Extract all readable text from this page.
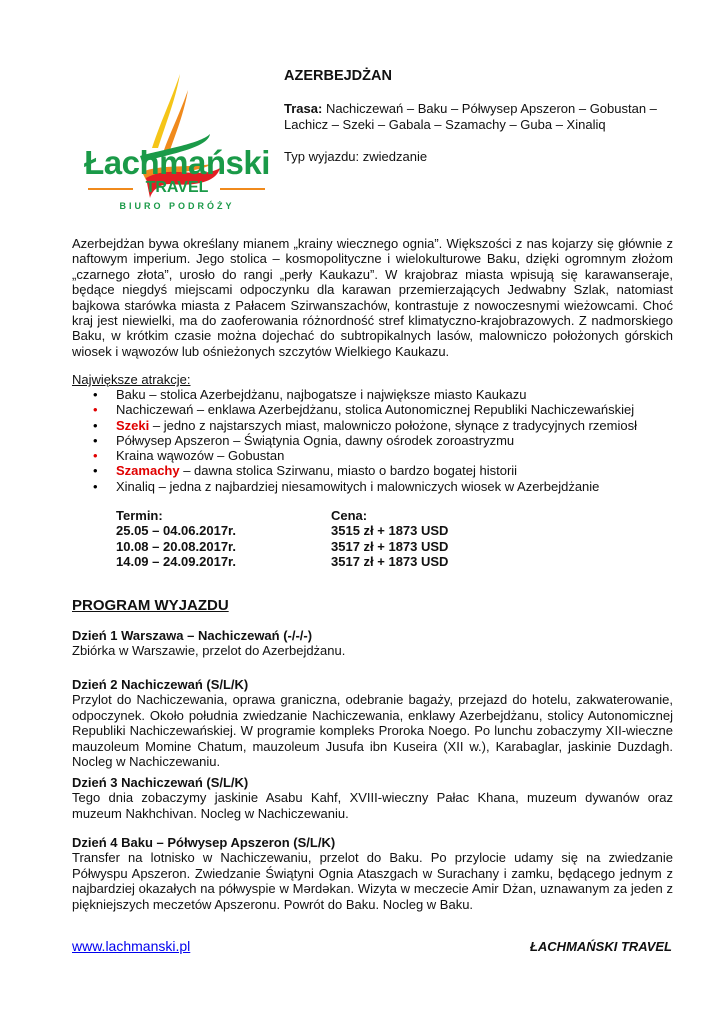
Łachmański
TRAVEL
BIURO PODRÓŻY
AZERBEJDŻAN
Trasa: Nachiczewań – Baku – Półwysep Apszeron – Gobustan – Lachicz – Szeki – Gabala – Szamachy – Guba – Xinaliq
Typ wyjazdu: zwiedzanie

Azerbejdżan bywa określany mianem „krainy wiecznego ognia”. Większości z nas kojarzy się głównie z naftowym imperium. Jego stolica – kosmopolityczne i wielokulturowe Baku, dzięki ogromnym złożom „czarnego złota”, urosło do rangi „perły Kaukazu”. W krajobraz miasta wpisują się karawanseraje, będące niegdyś miejscami odpoczynku dla karawan przemierzających Jedwabny Szlak, natomiast bajkowa starówka miasta z Pałacem Szirwanszachów, kontrastuje z nowoczesnymi wieżowcami. Choć kraj jest niewielki, ma do zaoferowania różnordność stref klimatyczno-krajobrazowych. Z nadmorskiego Baku, w krótkim czasie można dojechać do subtropikalnych lasów, malowniczo położonych górskich wiosek i wąwozów lub ośnieżonych szczytów Wielkiego Kaukazu.

Największe atrakcje:
• Baku – stolica Azerbejdżanu, najbogatsze i największe miasto Kaukazu
• Nachiczewań – enklawa Azerbejdżanu, stolica Autonomicznej Republiki Nachiczewańskiej
• Szeki – jedno z najstarszych miast, malowniczo położone, słynące z tradycyjnych rzemiosł
• Półwysep Apszeron – Świątynia Ognia, dawny ośrodek zoroastryzmu
• Kraina wąwozów – Gobustan
• Szamachy – dawna stolica Szirwanu, miasto o bardzo bogatej historii
• Xinaliq – jedna z najbardziej niesamowitych i malowniczych wiosek w Azerbejdżanie
Termin:
25.05 – 04.06.2017r.
10.08 – 20.08.2017r.
14.09 – 24.09.2017r.
Cena:
3515 zł + 1873 USD
3517 zł + 1873 USD
3517 zł + 1873 USD
PROGRAM WYJAZDU
Dzień 1 Warszawa – Nachiczewań (-/-/-)

Zbiórka w Warszawie, przelot do Azerbejdżanu.

Dzień 2 Nachiczewań (S/L/K)

Przylot do Nachiczewania, oprawa graniczna, odebranie bagaży, przejazd do hotelu, zakwaterowanie, odpoczynek. Około południa zwiedzanie Nachiczewania, enklawy Azerbejdżanu, stolicy Autonomicznej Republiki Nachiczewańskiej. W programie kompleks Proroka Noego. Po lunchu zobaczymy XII-wieczne mauzoleum Momine Chatum, mauzoleum Jusufa ibn Kuseira (XII w.), Karabaglar, jaskinie Duzdagh. Nocleg w Nachiczewaniu.

Dzień 3 Nachiczewań (S/L/K)

Tego dnia zobaczymy jaskinie Asabu Kahf, XVIII-wieczny Pałac Khana, muzeum dywanów oraz muzeum Nakhchivan. Nocleg w Nachiczewaniu.

Dzień 4 Baku – Półwysep Apszeron (S/L/K)

Transfer na lotnisko w Nachiczewaniu, przelot do Baku. Po przylocie udamy się na zwiedzanie Półwyspu Apszeron. Zwiedzanie Świątyni Ognia Ataszgach w Surachany i zamku, będącego jednym z najbardziej okazałych na półwyspie w Mərdəkan. Wizyta w meczecie Amir Dżan, uznawanym za jeden z piękniejszych meczetów Apszeronu. Powrót do Baku. Nocleg w Baku.

www.lachmanski.pl	ŁACHMAŃSKI TRAVEL
